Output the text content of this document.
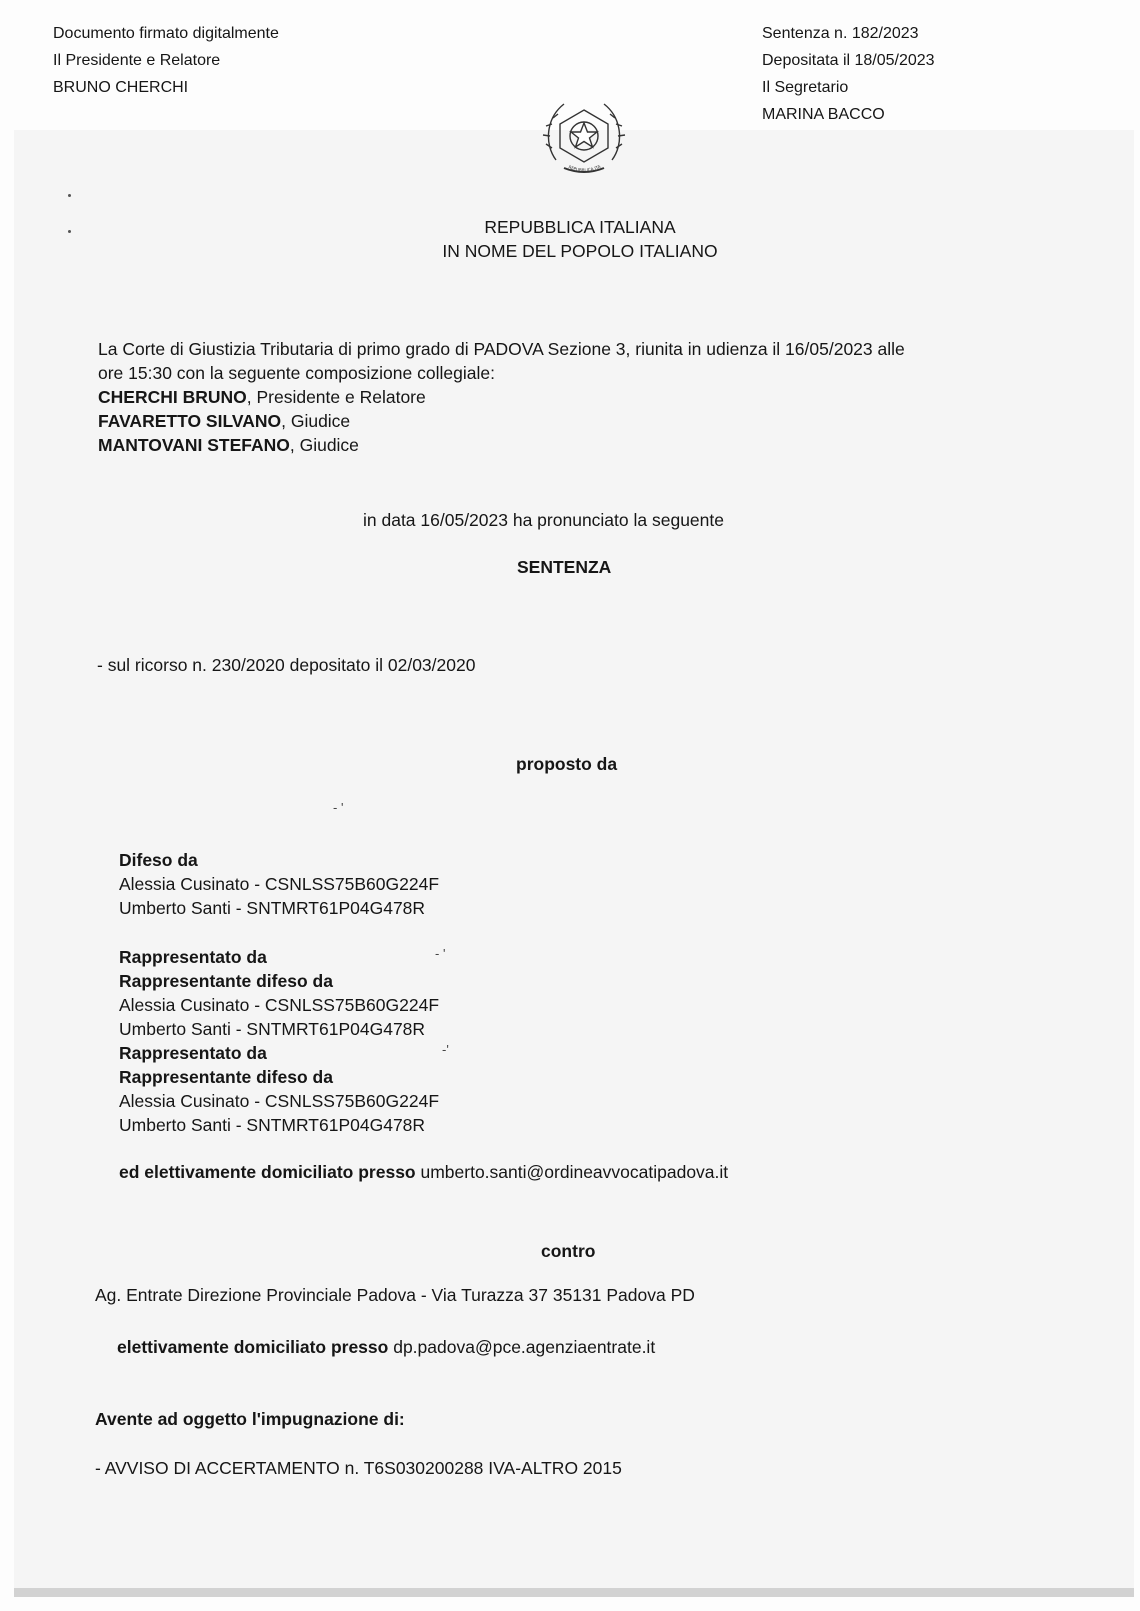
Documento firmato digitalmente
Il Presidente e Relatore
BRUNO CHERCHI
Sentenza n. 182/2023
Depositata il 18/05/2023
Il Segretario
MARINA BACCO
REPUBBLICA ITA
REPUBBLICA ITALIANA
IN NOME DEL POPOLO ITALIANO
La Corte di Giustizia Tributaria di primo grado di PADOVA Sezione 3, riunita in udienza il 16/05/2023 alle
ore 15:30 con la seguente composizione collegiale:
CHERCHI BRUNO, Presidente e Relatore
FAVARETTO SILVANO, Giudice
MANTOVANI STEFANO, Giudice
in data 16/05/2023 ha pronunciato la seguente
SENTENZA
- sul ricorso n. 230/2020 depositato il 02/03/2020
proposto da
- '
Difeso da
Alessia Cusinato - CSNLSS75B60G224F
Umberto Santi - SNTMRT61P04G478R
Rappresentato da
Rappresentante difeso da
Alessia Cusinato - CSNLSS75B60G224F
Umberto Santi - SNTMRT61P04G478R
- '
Rappresentato da
Rappresentante difeso da
Alessia Cusinato - CSNLSS75B60G224F
Umberto Santi - SNTMRT61P04G478R
-'
ed elettivamente domiciliato presso umberto.santi@ordineavvocatipadova.it
contro
Ag. Entrate Direzione Provinciale Padova - Via Turazza 37 35131 Padova PD
elettivamente domiciliato presso dp.padova@pce.agenziaentrate.it
Avente ad oggetto l'impugnazione di:
- AVVISO DI ACCERTAMENTO n. T6S030200288 IVA-ALTRO 2015
